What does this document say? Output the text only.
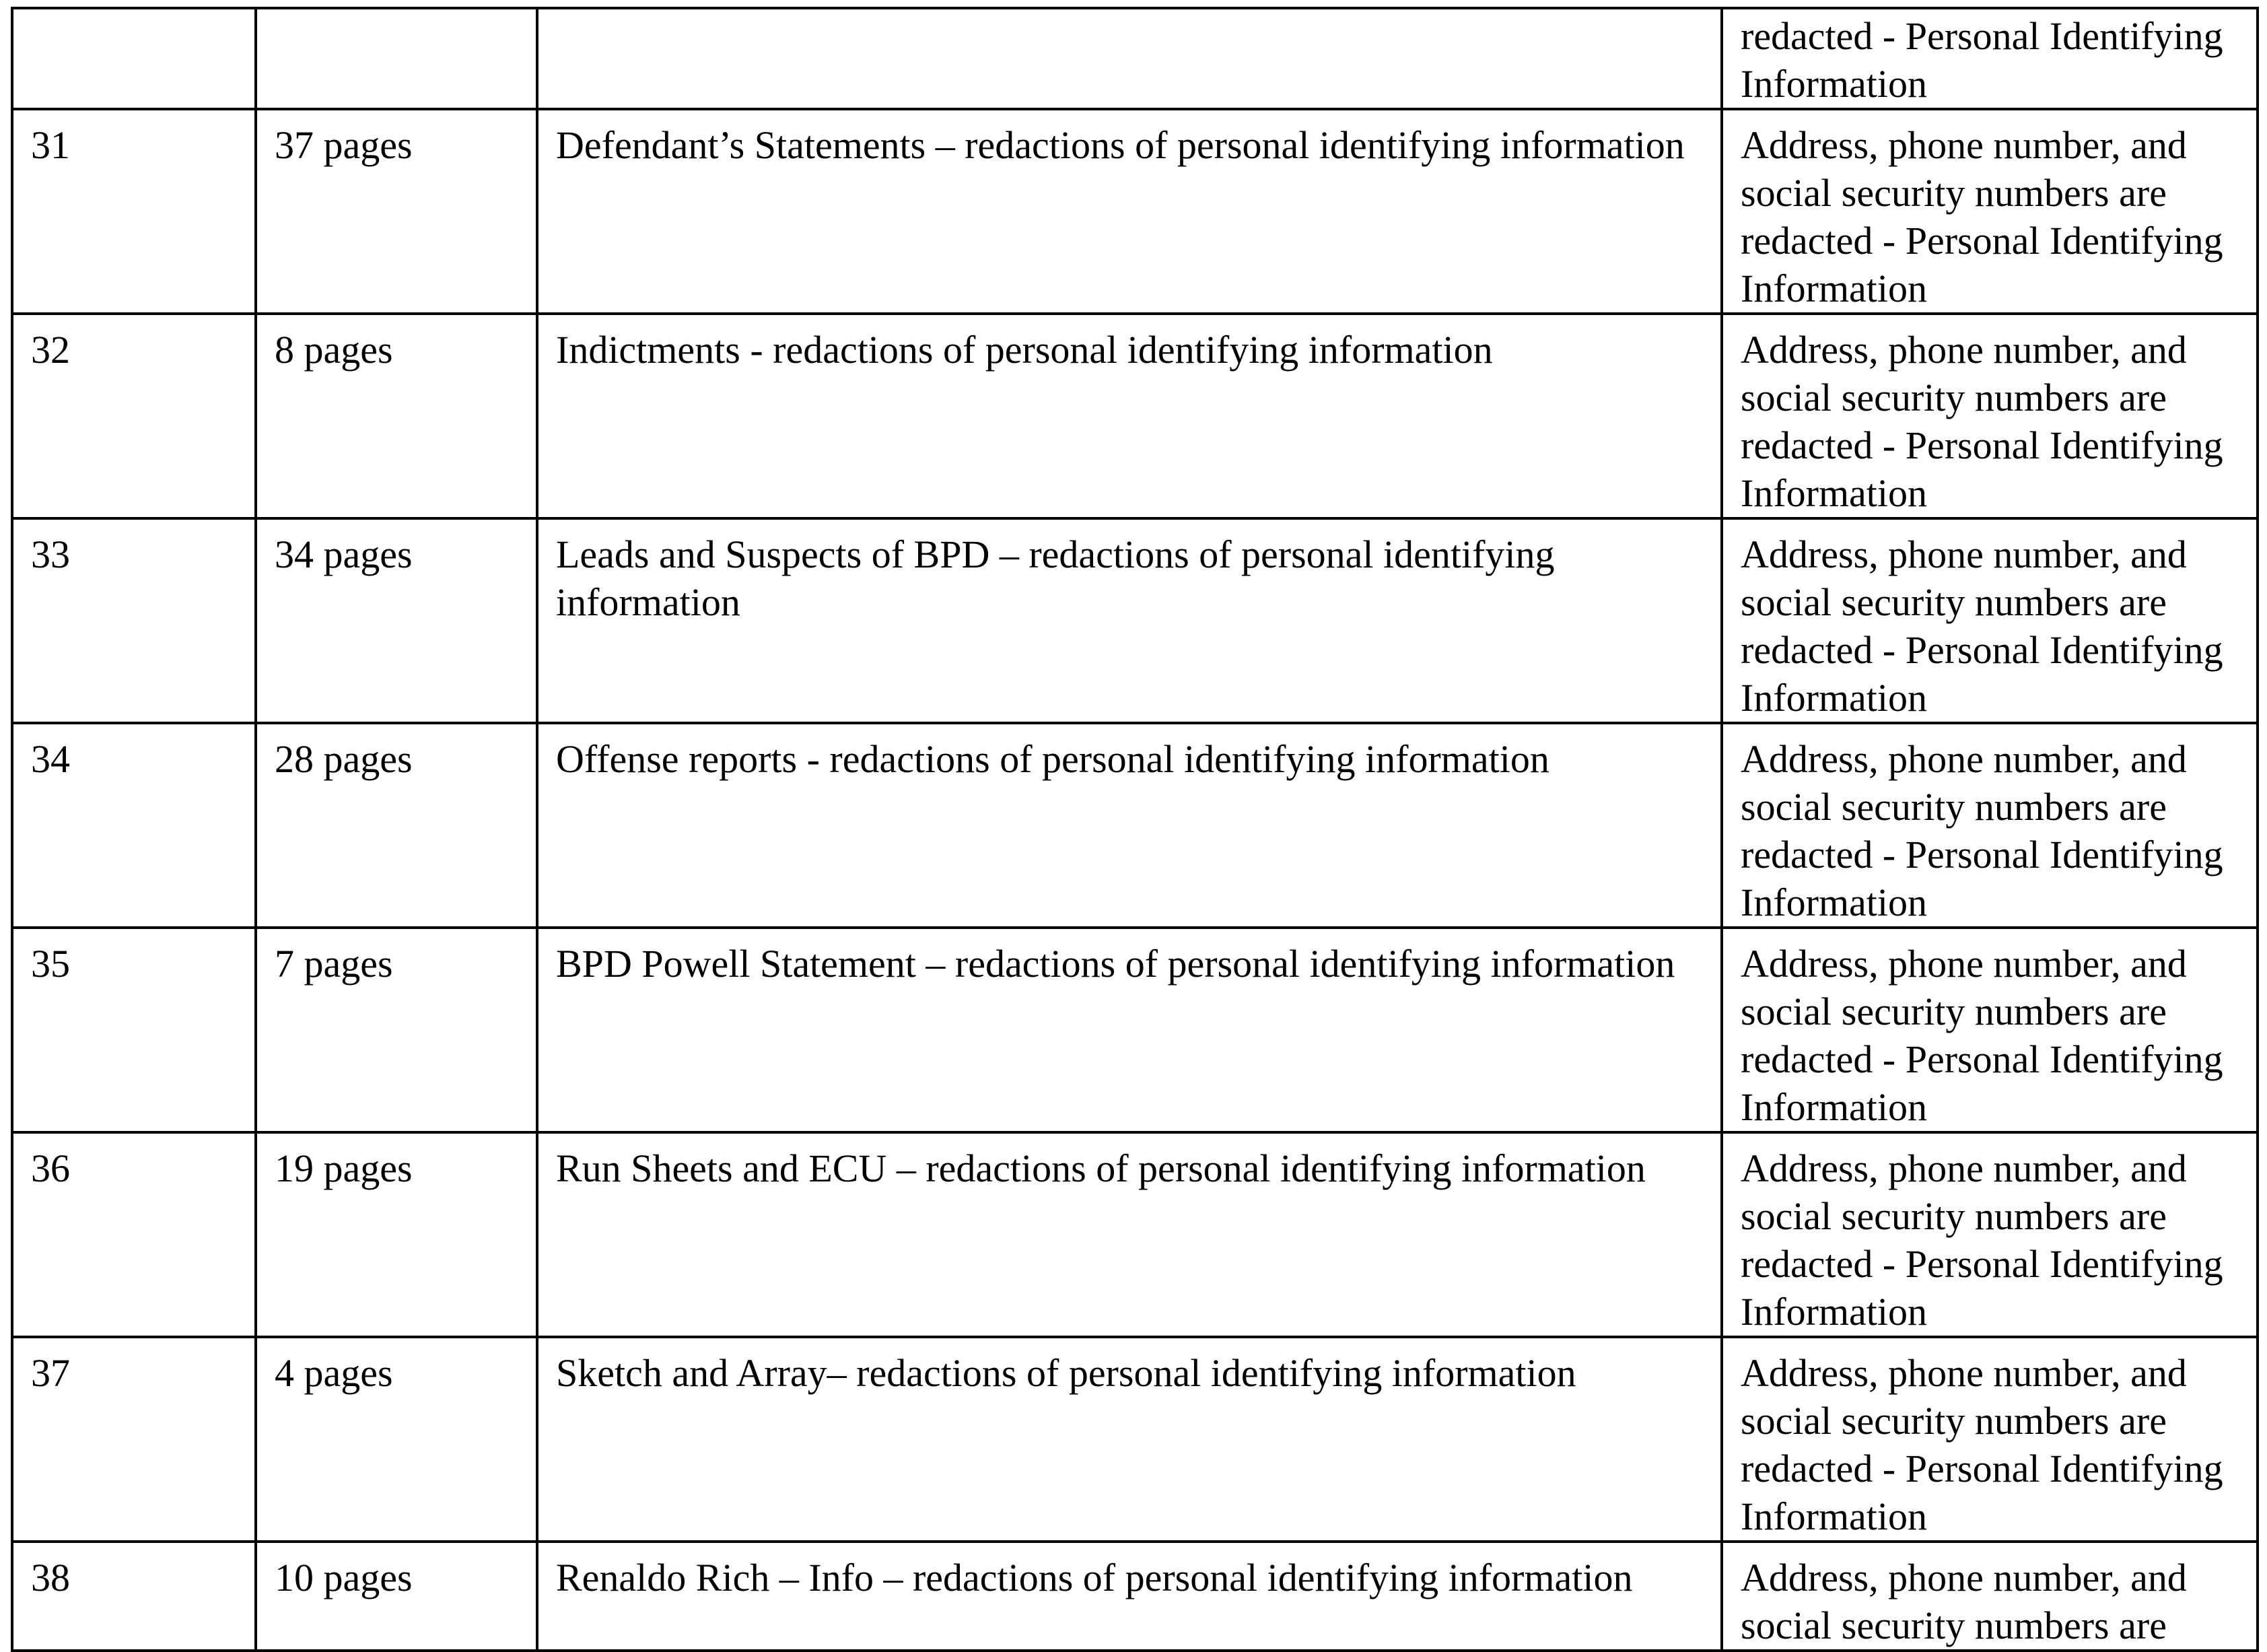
			redacted - Personal Identifying Information

31	37 pages	Defendant’s Statements – redactions of personal identifying information	Address, phone number, and social security numbers are redacted - Personal Identifying Information

32	8 pages	Indictments - redactions of personal identifying information	Address, phone number, and social security numbers are redacted - Personal Identifying Information

33	34 pages	Leads and Suspects of BPD – redactions of personal identifying information	Address, phone number, and social security numbers are redacted - Personal Identifying Information

34	28 pages	Offense reports - redactions of personal identifying information	Address, phone number, and social security numbers are redacted - Personal Identifying Information

35	7 pages	BPD Powell Statement – redactions of personal identifying information	Address, phone number, and social security numbers are redacted - Personal Identifying Information

36	19 pages	Run Sheets and ECU – redactions of personal identifying information	Address, phone number, and social security numbers are redacted - Personal Identifying Information

37	4 pages	Sketch and Array– redactions of personal identifying information	Address, phone number, and social security numbers are redacted - Personal Identifying Information

38	10 pages	Renaldo Rich – Info – redactions of personal identifying information	Address, phone number, and social security numbers are
